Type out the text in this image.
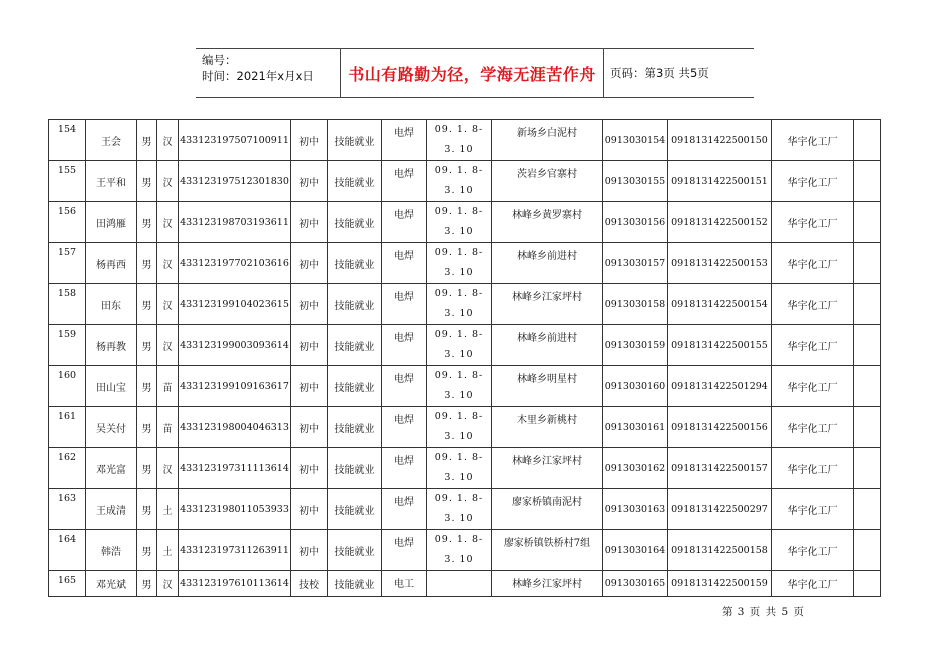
编号：
时间：2021年x月x日	书山有路勤为径，学海无涯苦作舟	页码：第3页 共5页
154	王会	男	汉	433123197507100911	初中	技能就业	电焊	09. 1. 8-
3. 10	新场乡白泥村	0913030154	0918131422500150	华宇化工厂	
155	王平和	男	汉	433123197512301830	初中	技能就业	电焊	09. 1. 8-
3. 10	茨岩乡官寨村	0913030155	0918131422500151	华宇化工厂	
156	田鸿雁	男	汉	433123198703193611	初中	技能就业	电焊	09. 1. 8-
3. 10	林峰乡黄罗寨村	0913030156	0918131422500152	华宇化工厂	
157	杨再西	男	汉	433123197702103616	初中	技能就业	电焊	09. 1. 8-
3. 10	林峰乡前进村	0913030157	0918131422500153	华宇化工厂	
158	田东	男	汉	433123199104023615	初中	技能就业	电焊	09. 1. 8-
3. 10	林峰乡江家坪村	0913030158	0918131422500154	华宇化工厂	
159	杨再教	男	汉	433123199003093614	初中	技能就业	电焊	09. 1. 8-
3. 10	林峰乡前进村	0913030159	0918131422500155	华宇化工厂	
160	田山宝	男	苗	433123199109163617	初中	技能就业	电焊	09. 1. 8-
3. 10	林峰乡明星村	0913030160	0918131422501294	华宇化工厂	
161	吴关付	男	苗	433123198004046313	初中	技能就业	电焊	09. 1. 8-
3. 10	木里乡新桃村	0913030161	0918131422500156	华宇化工厂	
162	邓光富	男	汉	433123197311113614	初中	技能就业	电焊	09. 1. 8-
3. 10	林峰乡江家坪村	0913030162	0918131422500157	华宇化工厂	
163	王成清	男	土	433123198011053933	初中	技能就业	电焊	09. 1. 8-
3. 10	廖家桥镇南泥村	0913030163	0918131422500297	华宇化工厂	
164	韩浩	男	土	433123197311263911	初中	技能就业	电焊	09. 1. 8-
3. 10	廖家桥镇铁桥村7组	0913030164	0918131422500158	华宇化工厂	
165	邓光斌	男	汉	433123197610113614	技校	技能就业	电工		林峰乡江家坪村	0913030165	0918131422500159	华宇化工厂	
第 3 页 共 5 页
